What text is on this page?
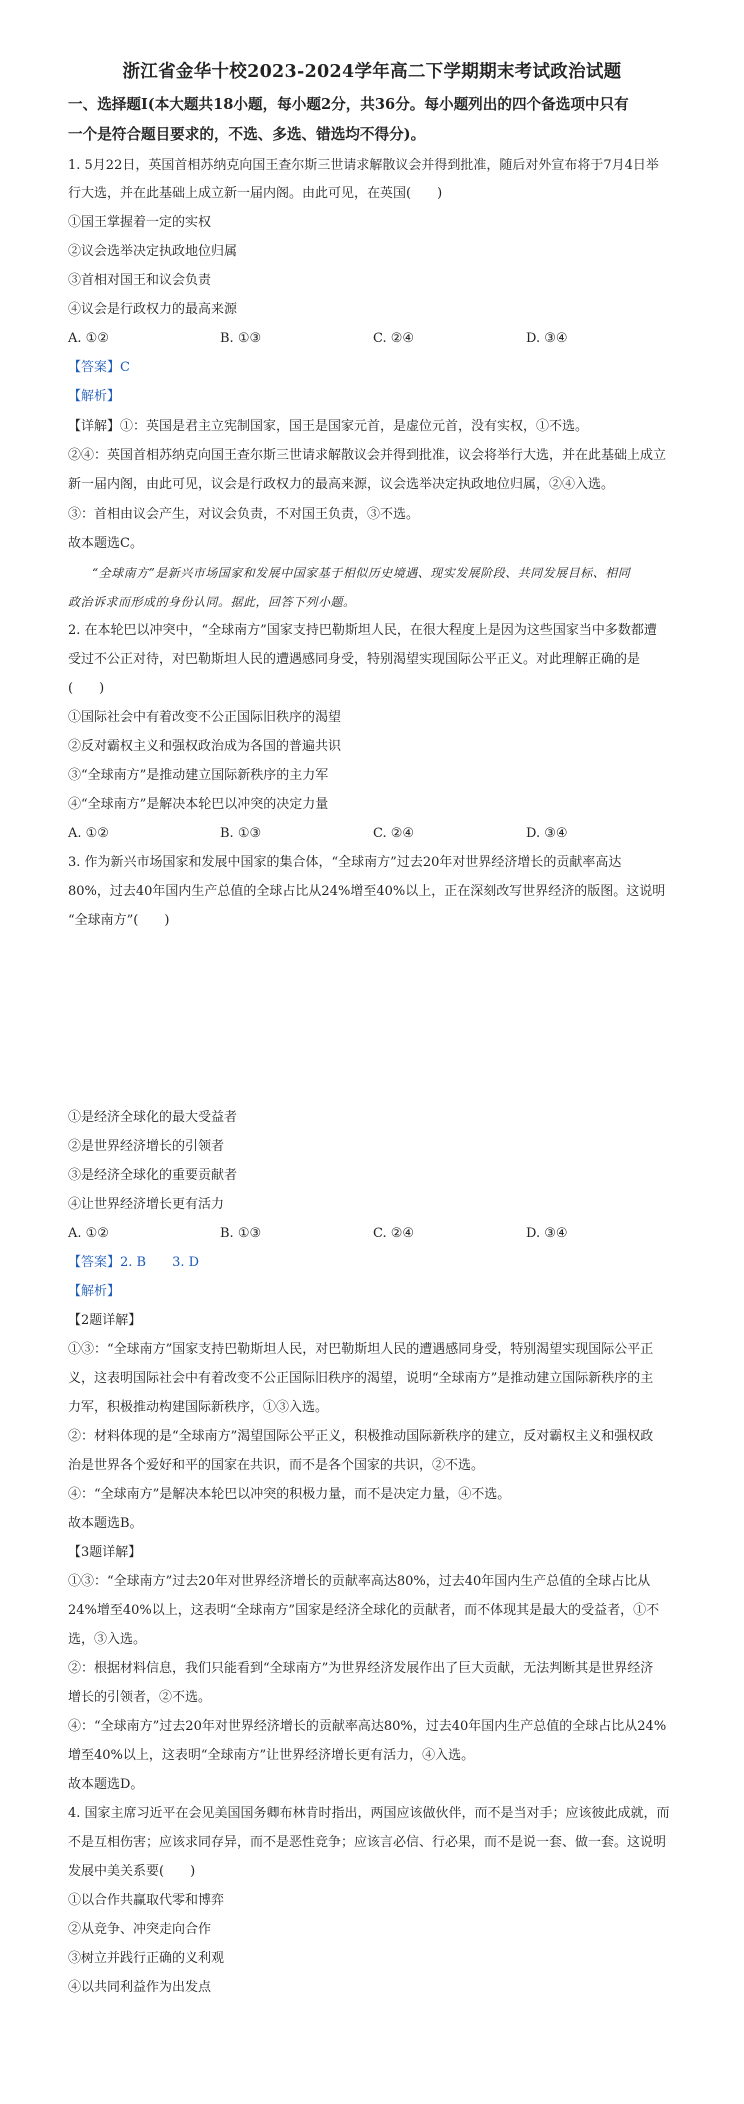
浙江省金华十校2023-2024学年高二下学期期末考试政治试题
一、选择题Ⅰ(本大题共18小题，每小题2分，共36分。每小题列出的四个备选项中只有
一个是符合题目要求的，不选、多选、错选均不得分)。
1. 5月22日，英国首相苏纳克向国王查尔斯三世请求解散议会并得到批准，随后对外宣布将于7月4日举
行大选，并在此基础上成立新一届内阁。由此可见，在英国(　　)
①国王掌握着一定的实权
②议会选举决定执政地位归属
③首相对国王和议会负责
④议会是行政权力的最高来源
A. ①②	B. ①③	C. ②④	D. ③④
【答案】C
【解析】
【详解】①：英国是君主立宪制国家，国王是国家元首，是虚位元首，没有实权，①不选。
②④：英国首相苏纳克向国王查尔斯三世请求解散议会并得到批准，议会将举行大选，并在此基础上成立
新一届内阁，由此可见，议会是行政权力的最高来源，议会选举决定执政地位归属，②④入选。
③：首相由议会产生，对议会负责，不对国王负责，③不选。
故本题选C。
“全球南方”是新兴市场国家和发展中国家基于相似历史境遇、现实发展阶段、共同发展目标、相同
政治诉求而形成的身份认同。据此，回答下列小题。
2. 在本轮巴以冲突中，“全球南方”国家支持巴勒斯坦人民，在很大程度上是因为这些国家当中多数都遭
受过不公正对待，对巴勒斯坦人民的遭遇感同身受，特别渴望实现国际公平正义。对此理解正确的是
(　　)
①国际社会中有着改变不公正国际旧秩序的渴望
②反对霸权主义和强权政治成为各国的普遍共识
③“全球南方”是推动建立国际新秩序的主力军
④“全球南方”是解决本轮巴以冲突的决定力量
A. ①②	B. ①③	C. ②④	D. ③④
3. 作为新兴市场国家和发展中国家的集合体，“全球南方”过去20年对世界经济增长的贡献率高达
80%，过去40年国内生产总值的全球占比从24%增至40%以上，正在深刻改写世界经济的版图。这说明
“全球南方”(　　)
①是经济全球化的最大受益者
②是世界经济增长的引领者
③是经济全球化的重要贡献者
④让世界经济增长更有活力
A. ①②	B. ①③	C. ②④	D. ③④
【答案】2. B　　3. D
【解析】
【2题详解】
①③：“全球南方”国家支持巴勒斯坦人民，对巴勒斯坦人民的遭遇感同身受，特别渴望实现国际公平正
义，这表明国际社会中有着改变不公正国际旧秩序的渴望，说明“全球南方”是推动建立国际新秩序的主
力军，积极推动构建国际新秩序，①③入选。
②：材料体现的是“全球南方”渴望国际公平正义，积极推动国际新秩序的建立，反对霸权主义和强权政
治是世界各个爱好和平的国家在共识，而不是各个国家的共识，②不选。
④：“全球南方”是解决本轮巴以冲突的积极力量，而不是决定力量，④不选。
故本题选B。
【3题详解】
①③：“全球南方”过去20年对世界经济增长的贡献率高达80%，过去40年国内生产总值的全球占比从
24%增至40%以上，这表明“全球南方”国家是经济全球化的贡献者，而不体现其是最大的受益者，①不
选，③入选。
②：根据材料信息，我们只能看到“全球南方”为世界经济发展作出了巨大贡献，无法判断其是世界经济
增长的引领者，②不选。
④：“全球南方”过去20年对世界经济增长的贡献率高达80%，过去40年国内生产总值的全球占比从24%
增至40%以上，这表明“全球南方”让世界经济增长更有活力，④入选。
故本题选D。
4. 国家主席习近平在会见美国国务卿布林肯时指出，两国应该做伙伴，而不是当对手；应该彼此成就，而
不是互相伤害；应该求同存异，而不是恶性竞争；应该言必信、行必果，而不是说一套、做一套。这说明
发展中美关系要(　　)
①以合作共赢取代零和博弈
②从竞争、冲突走向合作
③树立并践行正确的义利观
④以共同利益作为出发点
